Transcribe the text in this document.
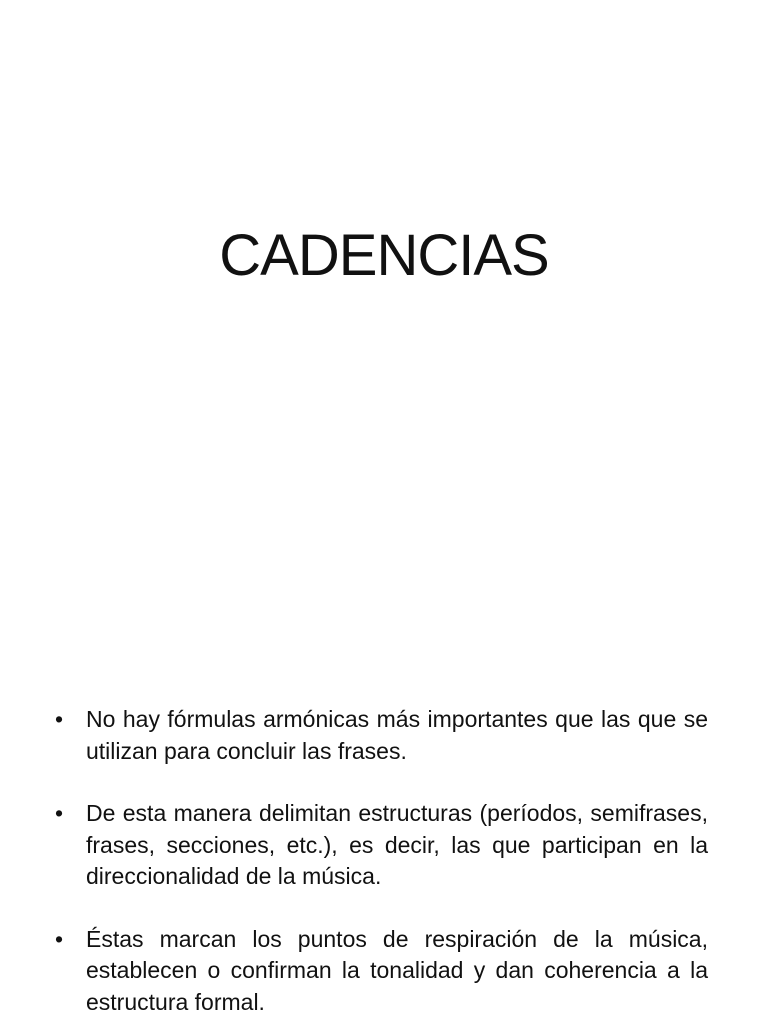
CADENCIAS
• No hay fórmulas armónicas más importantes que las que se utilizan para concluir las frases.
• De esta manera delimitan estructuras (períodos, semifrases, frases, secciones, etc.), es decir, las que participan en la direccionalidad de la música.
• Éstas marcan los puntos de respiración de la música, establecen o confirman la tonalidad y dan coherencia a la estructura formal.
